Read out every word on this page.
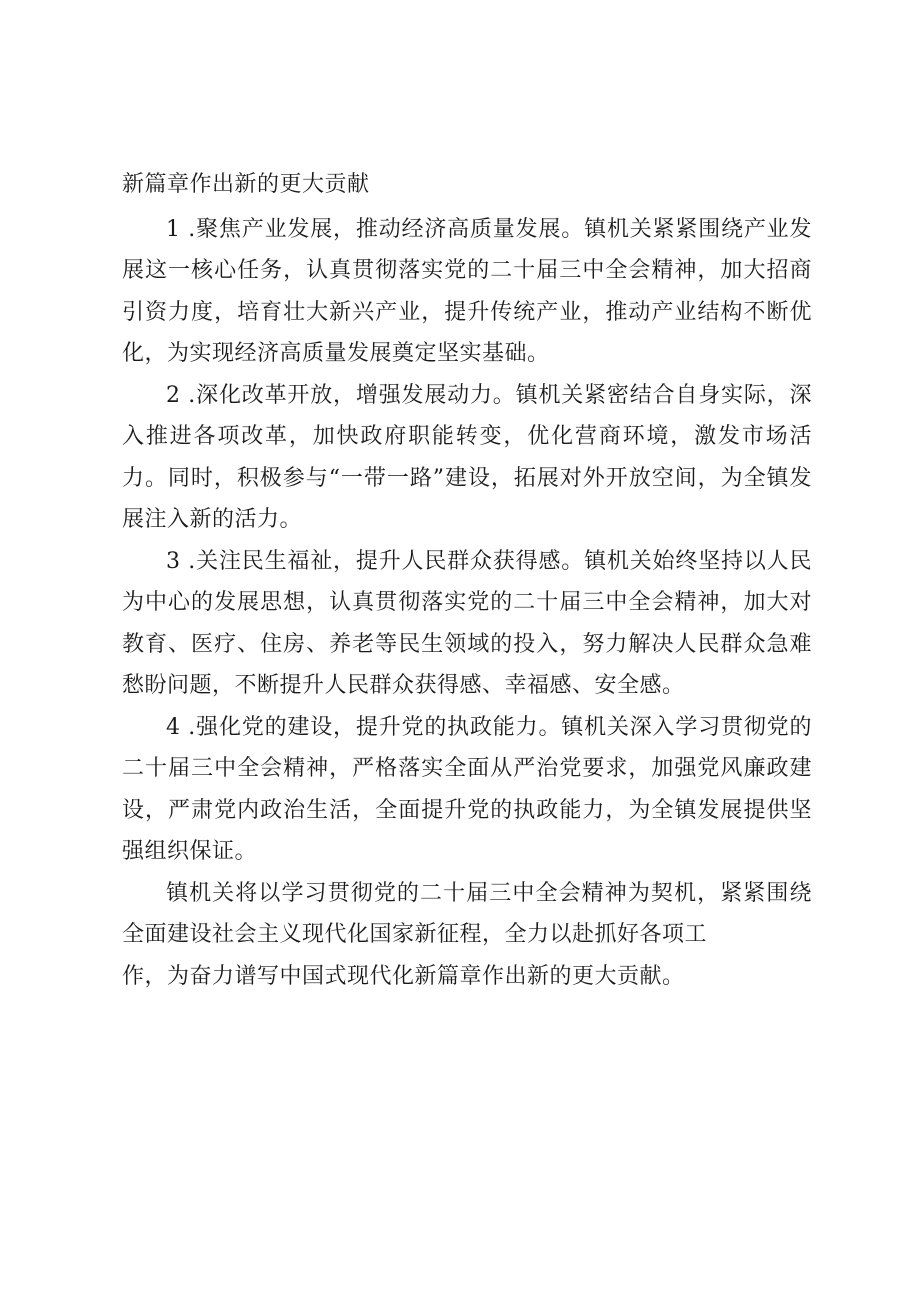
新篇章作出新的更大贡献

1 .聚焦产业发展，推动经济高质量发展。镇机关紧紧围绕产业发展这一核心任务，认真贯彻落实党的二十届三中全会精神，加大招商引资力度，培育壮大新兴产业，提升传统产业，推动产业结构不断优化，为实现经济高质量发展奠定坚实基础。

2 .深化改革开放，增强发展动力。镇机关紧密结合自身实际，深入推进各项改革，加快政府职能转变，优化营商环境，激发市场活力。同时，积极参与“一带一路”建设，拓展对外开放空间，为全镇发展注入新的活力。

3 .关注民生福祉，提升人民群众获得感。镇机关始终坚持以人民为中心的发展思想，认真贯彻落实党的二十届三中全会精神，加大对教育、医疗、住房、养老等民生领域的投入，努力解决人民群众急难愁盼问题，不断提升人民群众获得感、幸福感、安全感。

4 .强化党的建设，提升党的执政能力。镇机关深入学习贯彻党的二十届三中全会精神，严格落实全面从严治党要求，加强党风廉政建设，严肃党内政治生活，全面提升党的执政能力，为全镇发展提供坚强组织保证。

镇机关将以学习贯彻党的二十届三中全会精神为契机，紧紧围绕全面建设社会主义现代化国家新征程，全力以赴抓好各项工

作，为奋力谱写中国式现代化新篇章作出新的更大贡献。
